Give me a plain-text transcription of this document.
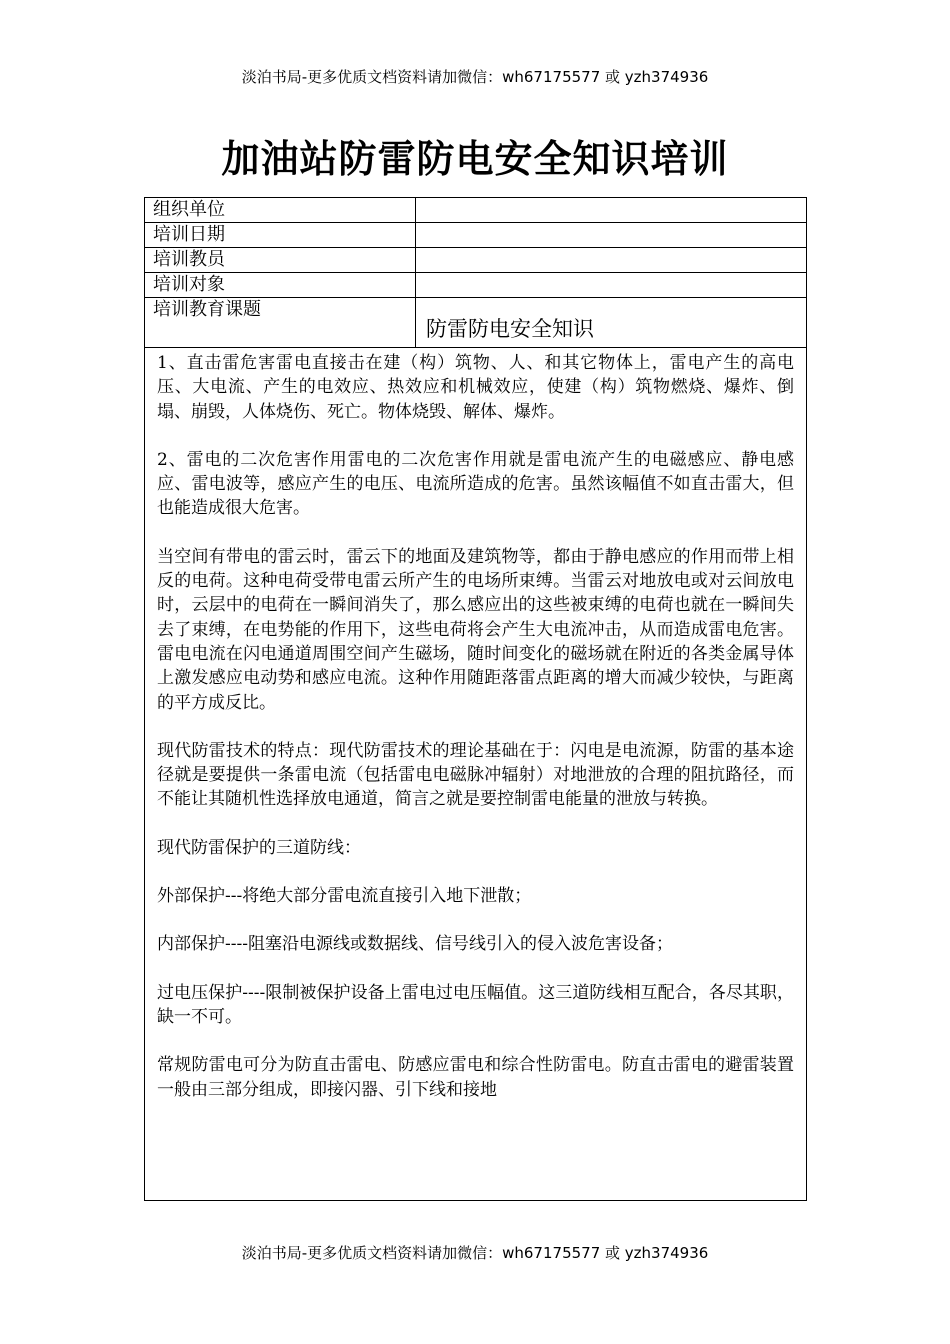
淡泊书局-更多优质文档资料请加微信：wh67175577 或 yzh374936
加油站防雷防电安全知识培训
组织单位	
培训日期	
培训教员	
培训对象	
培训教育课题	防雷防电安全知识

1、直击雷危害雷电直接击在建（构）筑物、人、和其它物体上，雷电产生的高电压、大电流、产生的电效应、热效应和机械效应，使建（构）筑物燃烧、爆炸、倒塌、崩毁，人体烧伤、死亡。物体烧毁、解体、爆炸。

2、雷电的二次危害作用雷电的二次危害作用就是雷电流产生的电磁感应、静电感应、雷电波等，感应产生的电压、电流所造成的危害。虽然该幅值不如直击雷大，但也能造成很大危害。

当空间有带电的雷云时，雷云下的地面及建筑物等，都由于静电感应的作用而带上相反的电荷。这种电荷受带电雷云所产生的电场所束缚。当雷云对地放电或对云间放电时，云层中的电荷在一瞬间消失了，那么感应出的这些被束缚的电荷也就在一瞬间失去了束缚，在电势能的作用下，这些电荷将会产生大电流冲击，从而造成雷电危害。雷电电流在闪电通道周围空间产生磁场，随时间变化的磁场就在附近的各类金属导体上激发感应电动势和感应电流。这种作用随距落雷点距离的增大而减少较快，与距离的平方成反比。

现代防雷技术的特点：现代防雷技术的理论基础在于：闪电是电流源，防雷的基本途径就是要提供一条雷电流（包括雷电电磁脉冲辐射）对地泄放的合理的阻抗路径，而不能让其随机性选择放电通道，简言之就是要控制雷电能量的泄放与转换。

现代防雷保护的三道防线：

外部保护---将绝大部分雷电流直接引入地下泄散；

内部保护----阻塞沿电源线或数据线、信号线引入的侵入波危害设备；

过电压保护----限制被保护设备上雷电过电压幅值。这三道防线相互配合，各尽其职，缺一不可。

常规防雷电可分为防直击雷电、防感应雷电和综合性防雷电。防直击雷电的避雷装置一般由三部分组成，即接闪器、引下线和接地

淡泊书局-更多优质文档资料请加微信：wh67175577 或 yzh374936
